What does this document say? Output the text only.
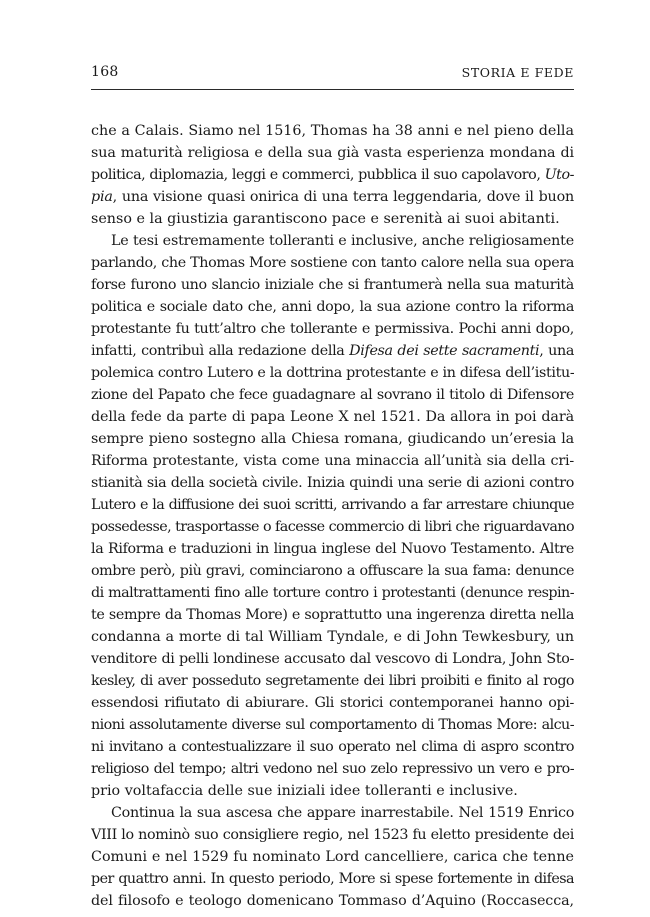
168	STORIA E FEDE
che a Calais. Siamo nel 1516, Thomas ha 38 anni e nel pieno della
sua maturità religiosa e della sua già vasta esperienza mondana di
politica, diplomazia, leggi e commerci, pubblica il suo capolavoro, Uto-
pia, una visione quasi onirica di una terra leggendaria, dove il buon
senso e la giustizia garantiscono pace e serenità ai suoi abitanti.
Le tesi estremamente tolleranti e inclusive, anche religiosamente
parlando, che Thomas More sostiene con tanto calore nella sua opera
forse furono uno slancio iniziale che si frantumerà nella sua maturità
politica e sociale dato che, anni dopo, la sua azione contro la riforma
protestante fu tutt’altro che tollerante e permissiva. Pochi anni dopo,
infatti, contribuì alla redazione della Difesa dei sette sacramenti, una
polemica contro Lutero e la dottrina protestante e in difesa dell’istitu-
zione del Papato che fece guadagnare al sovrano il titolo di Difensore
della fede da parte di papa Leone X nel 1521. Da allora in poi darà
sempre pieno sostegno alla Chiesa romana, giudicando un’eresia la
Riforma protestante, vista come una minaccia all’unità sia della cri-
stianità sia della società civile. Inizia quindi una serie di azioni contro
Lutero e la diffusione dei suoi scritti, arrivando a far arrestare chiunque
possedesse, trasportasse o facesse commercio di libri che riguardavano
la Riforma e traduzioni in lingua inglese del Nuovo Testamento. Altre
ombre però, più gravi, cominciarono a offuscare la sua fama: denunce
di maltrattamenti fino alle torture contro i protestanti (denunce respin-
te sempre da Thomas More) e soprattutto una ingerenza diretta nella
condanna a morte di tal William Tyndale, e di John Tewkesbury, un
venditore di pelli londinese accusato dal vescovo di Londra, John Sto-
kesley, di aver posseduto segretamente dei libri proibiti e finito al rogo
essendosi rifiutato di abiurare. Gli storici contemporanei hanno opi-
nioni assolutamente diverse sul comportamento di Thomas More: alcu-
ni invitano a contestualizzare il suo operato nel clima di aspro scontro
religioso del tempo; altri vedono nel suo zelo repressivo un vero e pro-
prio voltafaccia delle sue iniziali idee tolleranti e inclusive.
Continua la sua ascesa che appare inarrestabile. Nel 1519 Enrico
VIII lo nominò suo consigliere regio, nel 1523 fu eletto presidente dei
Comuni e nel 1529 fu nominato Lord cancelliere, carica che tenne
per quattro anni. In questo periodo, More si spese fortemente in difesa
del filosofo e teologo domenicano Tommaso d’Aquino (Roccasecca,
